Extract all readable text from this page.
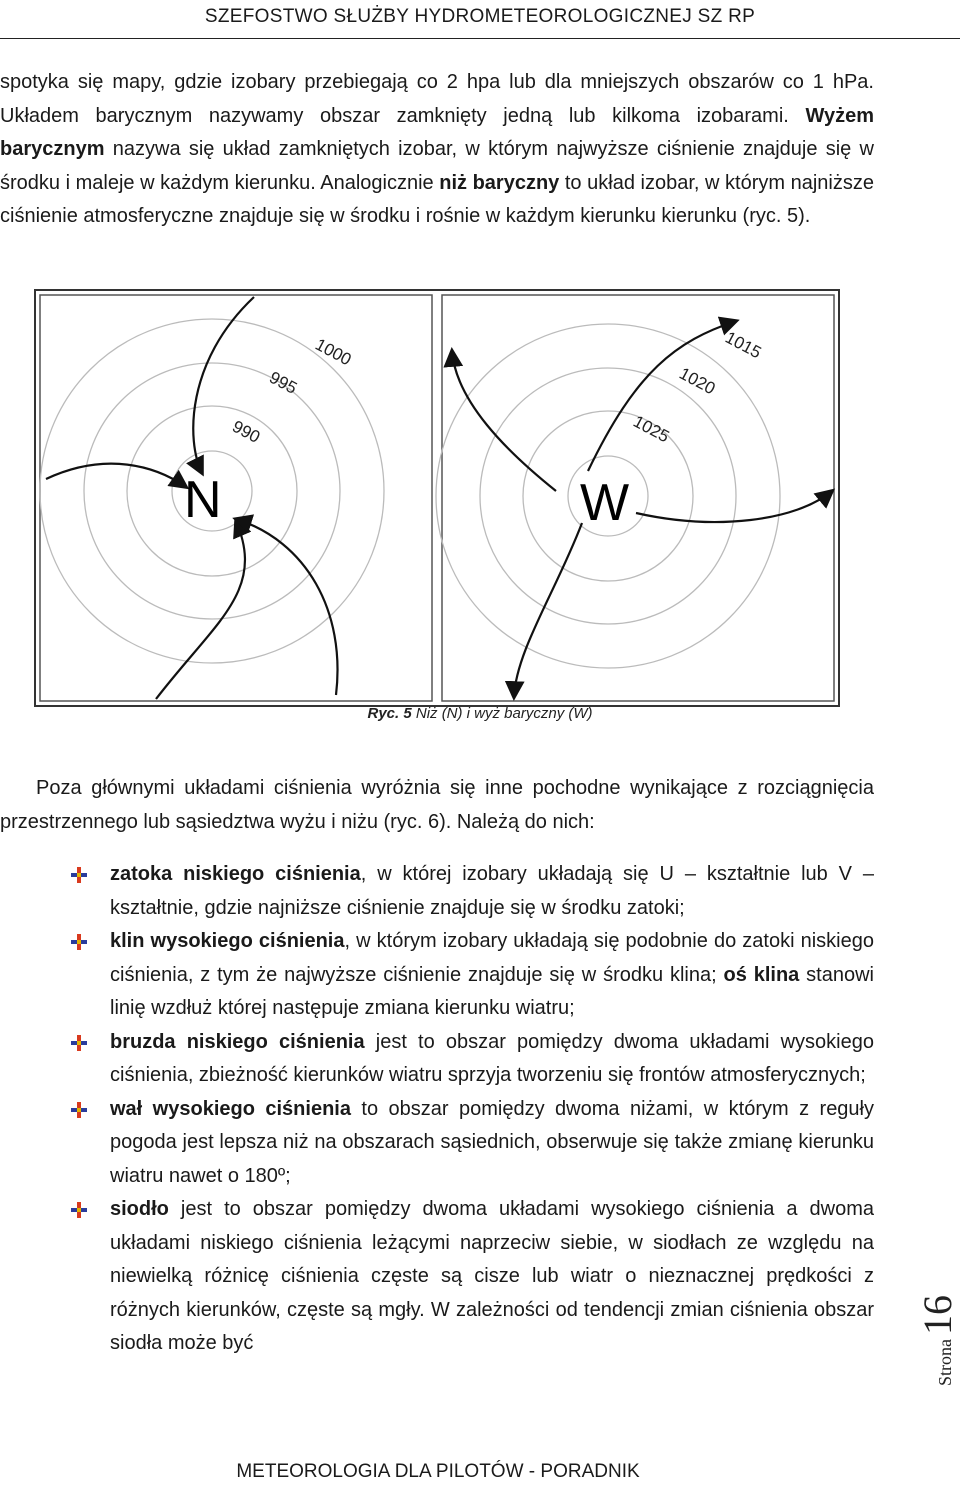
SZEFOSTWO SŁUŻBY HYDROMETEOROLOGICZNEJ SZ RP

spotyka się mapy, gdzie izobary przebiegają co 2 hpa lub dla mniejszych obszarów co 1 hPa. Układem barycznym nazywamy obszar zamknięty jedną lub kilkoma izobarami. Wyżem barycznym nazywa się układ zamkniętych izobar, w którym najwyższe ciśnienie znajduje się w środku i maleje w każdym kierunku. Analogicznie niż baryczny to układ izobar, w którym najniższe ciśnienie atmosferyczne znajduje się w środku i rośnie w każdym kierunku kierunku (ryc. 5).

1000
995
990
N
1015
1020
1025
W
Ryc. 5 Niż (N) i wyż baryczny (W)

Poza głównymi układami ciśnienia wyróżnia się inne pochodne wynikające z rozciągnięcia przestrzennego lub sąsiedztwa wyżu i niżu (ryc. 6). Należą do nich:

zatoka niskiego ciśnienia, w której izobary układają się U – kształtnie lub V – kształtnie, gdzie najniższe ciśnienie znajduje się w środku zatoki;
klin wysokiego ciśnienia, w którym izobary układają się podobnie do zatoki niskiego ciśnienia, z tym że najwyższe ciśnienie znajduje się w środku klina; oś klina stanowi linię wzdłuż której następuje zmiana kierunku wiatru;
bruzda niskiego ciśnienia jest to obszar pomiędzy dwoma układami wysokiego ciśnienia, zbieżność kierunków wiatru sprzyja tworzeniu się frontów atmosferycznych;
wał wysokiego ciśnienia to obszar pomiędzy dwoma niżami, w którym z reguły pogoda jest lepsza niż na obszarach sąsiednich, obserwuje się także zmianę kierunku wiatru nawet o 180º;
siodło jest to obszar pomiędzy dwoma układami wysokiego ciśnienia a dwoma układami niskiego ciśnienia leżącymi naprzeciw siebie, w siodłach ze względu na niewielką różnicę ciśnienia częste są cisze lub wiatr o nieznacznej prędkości z różnych kierunków, częste są mgły. W zależności od tendencji zmian ciśnienia obszar siodła może być	Strona16
METEOROLOGIA DLA PILOTÓW - PORADNIK
